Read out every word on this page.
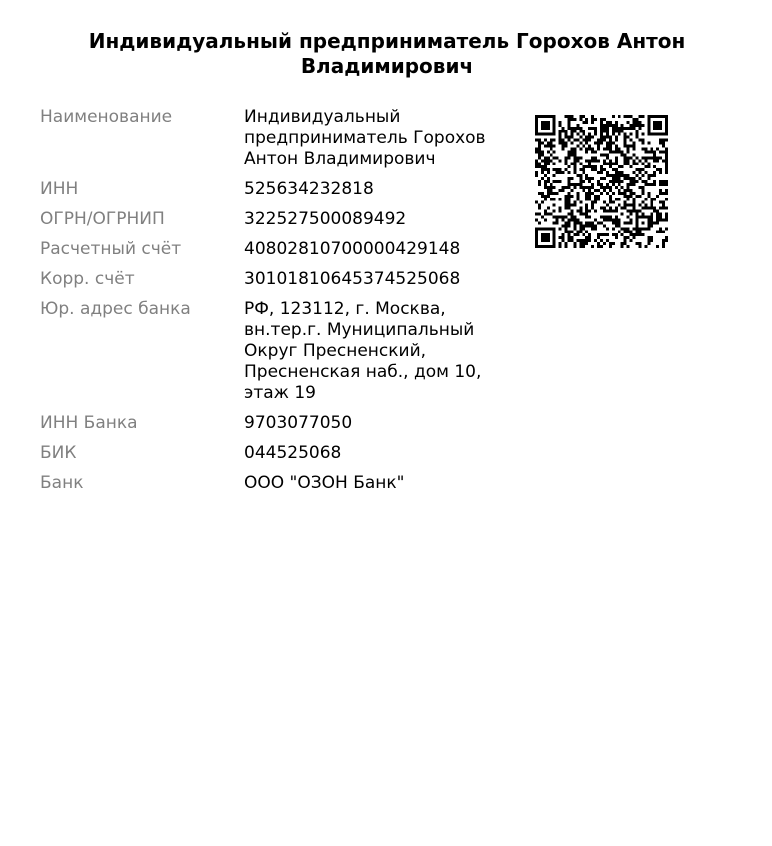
Индивидуальный предприниматель Горохов Антон Владимирович
Наименование	Индивидуальный предприниматель Горохов Антон Владимирович
ИНН	525634232818
ОГРН/ОГРНИП	322527500089492
Расчетный счёт	40802810700000429148
Корр. счёт	30101810645374525068
Юр. адрес банка	РФ, 123112, г. Москва, вн.тер.г. Муниципальный Округ Пресненский, Пресненская наб., дом 10, этаж 19
ИНН Банка	9703077050
БИК	044525068
Банк	ООО "ОЗОН Банк"
